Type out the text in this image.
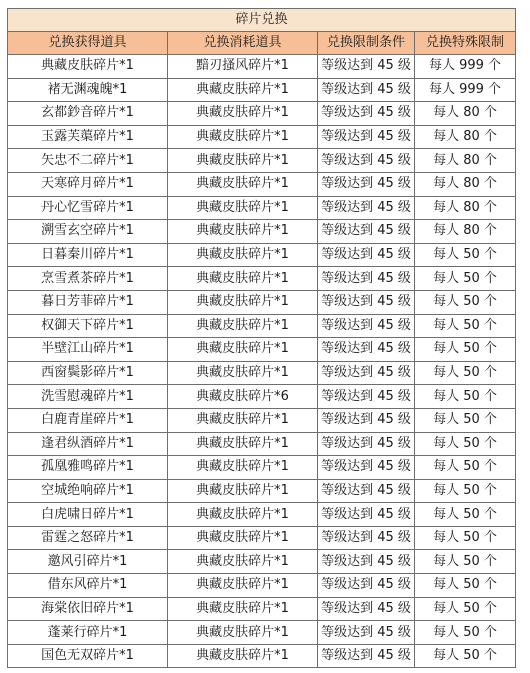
碎片兑换			
兑换获得道具	兑换消耗道具	兑换限制条件	兑换特殊限制
典藏皮肤碎片*1	黯刃搔风碎片*1	等级达到 45 级	每人 999 个
褚无渊魂魄*1	典藏皮肤碎片*1	等级达到 45 级	每人 999 个
玄都鈔音碎片*1	典藏皮肤碎片*1	等级达到 45 级	每人 80 个
玉露芙蕖碎片*1	典藏皮肤碎片*1	等级达到 45 级	每人 80 个
矢忠不二碎片*1	典藏皮肤碎片*1	等级达到 45 级	每人 80 个
天寒碎月碎片*1	典藏皮肤碎片*1	等级达到 45 级	每人 80 个
丹心忆雪碎片*1	典藏皮肤碎片*1	等级达到 45 级	每人 80 个
溯雪玄空碎片*1	典藏皮肤碎片*1	等级达到 45 级	每人 80 个
日暮秦川碎片*1	典藏皮肤碎片*1	等级达到 45 级	每人 50 个
烹雪煮茶碎片*1	典藏皮肤碎片*1	等级达到 45 级	每人 50 个
暮日芳菲碎片*1	典藏皮肤碎片*1	等级达到 45 级	每人 50 个
权御天下碎片*1	典藏皮肤碎片*1	等级达到 45 级	每人 50 个
半壁江山碎片*1	典藏皮肤碎片*1	等级达到 45 级	每人 50 个
西窗鬓影碎片*1	典藏皮肤碎片*1	等级达到 45 级	每人 50 个
洗雪慰魂碎片*1	典藏皮肤碎片*6	等级达到 45 级	每人 50 个
白鹿青崖碎片*1	典藏皮肤碎片*1	等级达到 45 级	每人 50 个
逢君纵酒碎片*1	典藏皮肤碎片*1	等级达到 45 级	每人 50 个
孤凰雅鸣碎片*1	典藏皮肤碎片*1	等级达到 45 级	每人 50 个
空城绝响碎片*1	典藏皮肤碎片*1	等级达到 45 级	每人 50 个
白虎啸日碎片*1	典藏皮肤碎片*1	等级达到 45 级	每人 50 个
雷霆之怒碎片*1	典藏皮肤碎片*1	等级达到 45 级	每人 50 个
邀风引碎片*1	典藏皮肤碎片*1	等级达到 45 级	每人 50 个
借东风碎片*1	典藏皮肤碎片*1	等级达到 45 级	每人 50 个
海棠依旧碎片*1	典藏皮肤碎片*1	等级达到 45 级	每人 50 个
蓬莱行碎片*1	典藏皮肤碎片*1	等级达到 45 级	每人 50 个
国色无双碎片*1	典藏皮肤碎片*1	等级达到 45 级	每人 50 个
